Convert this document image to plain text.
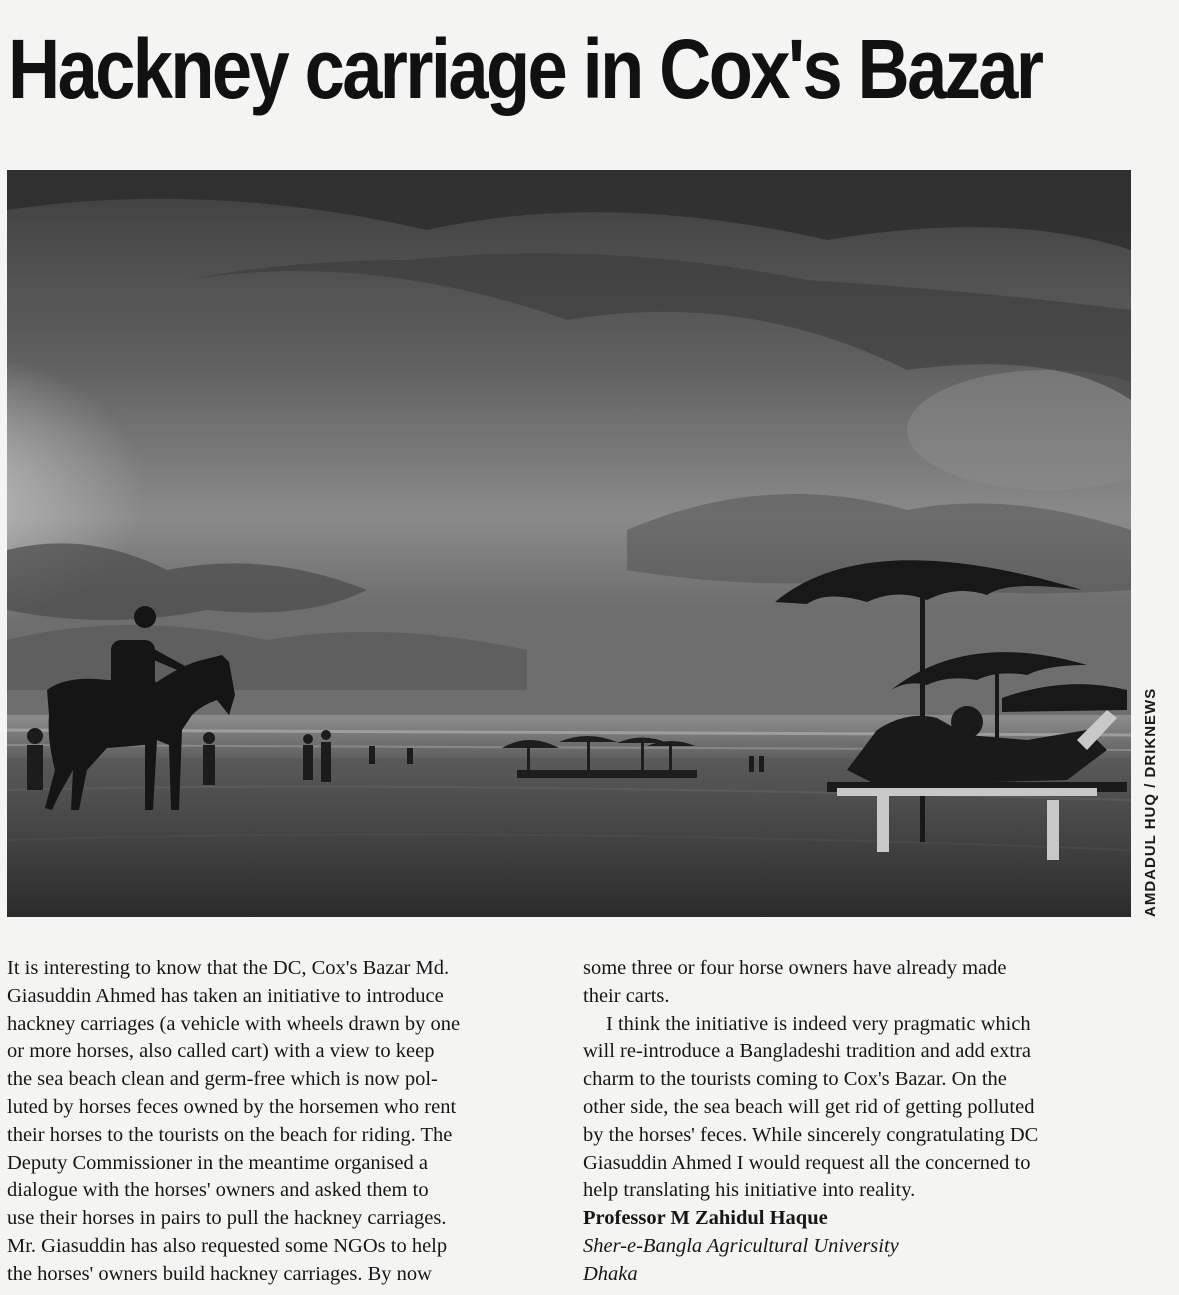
Hackney carriage in Cox's Bazar
AMDADUL HUQ / DRIKNEWS

It is interesting to know that the DC, Cox's Bazar Md.
Giasuddin Ahmed has taken an initiative to introduce
hackney carriages (a vehicle with wheels drawn by one
or more horses, also called cart) with a view to keep
the sea beach clean and germ-free which is now pol-
luted by horses feces owned by the horsemen who rent
their horses to the tourists on the beach for riding. The
Deputy Commissioner in the meantime organised a
dialogue with the horses' owners and asked them to
use their horses in pairs to pull the hackney carriages.
Mr. Giasuddin has also requested some NGOs to help
the horses' owners build hackney carriages. By now

some three or four horse owners have already made
their carts.

I think the initiative is indeed very pragmatic which
will re-introduce a Bangladeshi tradition and add extra
charm to the tourists coming to Cox's Bazar. On the
other side, the sea beach will get rid of getting polluted
by the horses' feces. While sincerely congratulating DC
Giasuddin Ahmed I would request all the concerned to
help translating his initiative into reality.

Professor M Zahidul Haque
Sher-e-Bangla Agricultural University
Dhaka
